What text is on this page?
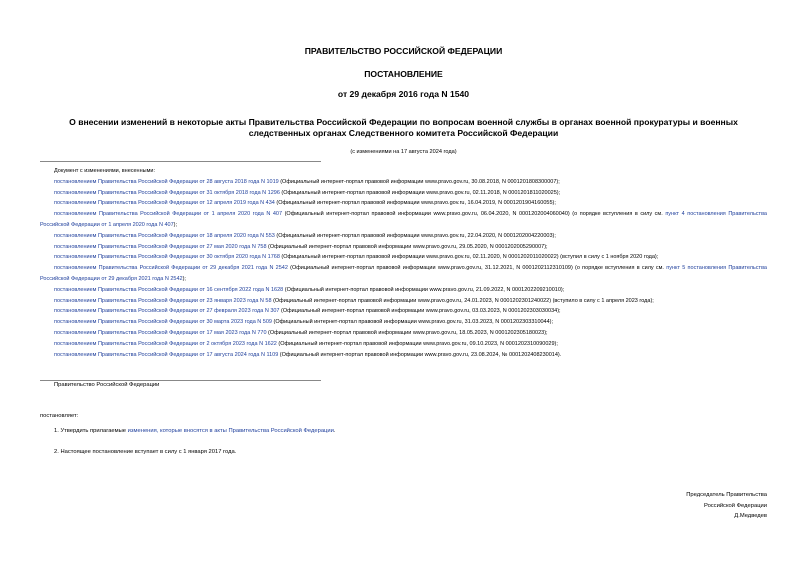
ПРАВИТЕЛЬСТВО РОССИЙСКОЙ ФЕДЕРАЦИИ
ПОСТАНОВЛЕНИЕ
от 29 декабря 2016 года N 1540
О внесении изменений в некоторые акты Правительства Российской Федерации по вопросам военной службы в органах военной прокуратуры и военных следственных органах Следственного комитета Российской Федерации
(с изменениями на 17 августа 2024 года)
Документ с изменениями, внесенными:

постановлением Правительства Российской Федерации от 28 августа 2018 года N 1019 (Официальный интернет-портал правовой информации www.pravo.gov.ru, 30.08.2018, N 0001201808300007);

постановлением Правительства Российской Федерации от 31 октября 2018 года N 1296 (Официальный интернет-портал правовой информации www.pravo.gov.ru, 02.11.2018, N 0001201811020025);

постановлением Правительства Российской Федерации от 12 апреля 2019 года N 434 (Официальный интернет-портал правовой информации www.pravo.gov.ru, 16.04.2019, N 0001201904160055);

постановлением Правительства Российской Федерации от 1 апреля 2020 года N 407 (Официальный интернет-портал правовой информации www.pravo.gov.ru, 06.04.2020, N 0001202004060040) (о порядке вступления в силу см. пункт 4 постановления Правительства Российской Федерации от 1 апреля 2020 года N 407);

постановлением Правительства Российской Федерации от 18 апреля 2020 года N 553 (Официальный интернет-портал правовой информации www.pravo.gov.ru, 22.04.2020, N 0001202004220003);

постановлением Правительства Российской Федерации от 27 мая 2020 года N 758 (Официальный интернет-портал правовой информации www.pravo.gov.ru, 29.05.2020, N 0001202005290007);

постановлением Правительства Российской Федерации от 30 октября 2020 года N 1768 (Официальный интернет-портал правовой информации www.pravo.gov.ru, 02.11.2020, N 0001202011020022) (вступил в силу с 1 ноября 2020 года);

постановлением Правительства Российской Федерации от 29 декабря 2021 года N 2542 (Официальный интернет-портал правовой информации www.pravo.gov.ru, 31.12.2021, N 0001202112310109) (о порядке вступления в силу см. пункт 5 постановления Правительства Российской Федерации от 29 декабря 2021 года N 2542);

постановлением Правительства Российской Федерации от 16 сентября 2022 года N 1628 (Официальный интернет-портал правовой информации www.pravo.gov.ru, 21.09.2022, N 0001202209210010);

постановлением Правительства Российской Федерации от 23 января 2023 года N 58 (Официальный интернет-портал правовой информации www.pravo.gov.ru, 24.01.2023, N 0001202301240022) (вступило в силу с 1 апреля 2023 года);

постановлением Правительства Российской Федерации от 27 февраля 2023 года N 307 (Официальный интернет-портал правовой информации www.pravo.gov.ru, 03.03.2023, N 0001202303030034);

постановлением Правительства Российской Федерации от 30 марта 2023 года N 509 (Официальный интернет-портал правовой информации www.pravo.gov.ru, 31.03.2023, N 0001202303310044);

постановлением Правительства Российской Федерации от 17 мая 2023 года N 770 (Официальный интернет-портал правовой информации www.pravo.gov.ru, 18.05.2023, N 0001202305180023);

постановлением Правительства Российской Федерации от 2 октября 2023 года N 1622 (Официальный интернет-портал правовой информации www.pravo.gov.ru, 09.10.2023, N 0001202310090029);

постановлением Правительства Российской Федерации от 17 августа 2024 года N 1109 (Официальный интернет-портал правовой информации www.pravo.gov.ru, 23.08.2024, № 0001202408230014).

Правительство Российской Федерации
постановляет:
1. Утвердить прилагаемые изменения, которые вносятся в акты Правительства Российской Федерации.
2. Настоящее постановление вступает в силу с 1 января 2017 года.
Председатель Правительства
Российской Федерации
Д.Медведев
